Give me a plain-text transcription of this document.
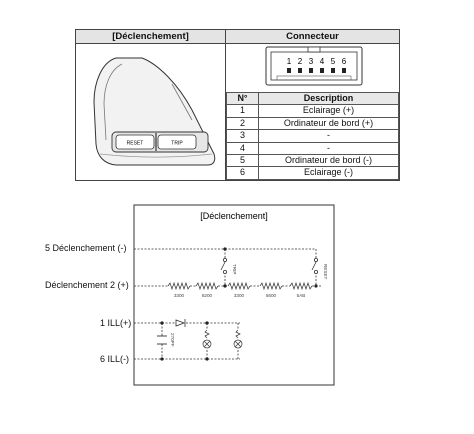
[Déclenchement]	Connecteur

RESET	TRIP

1 2 3 4 5 6
N°	Description
1	Eclairage (+)
2	Ordinateur de bord (+)
3	-
4	-
5	Ordinateur de bord (-)
6	Eclairage (-)
5 Déclenchement (-)
Déclenchement 2 (+)
1 ILL(+)
6 ILL(-)
[Déclenchement]
TRIP	RESET
3300	8200	3300	5600	5AB
270PF
